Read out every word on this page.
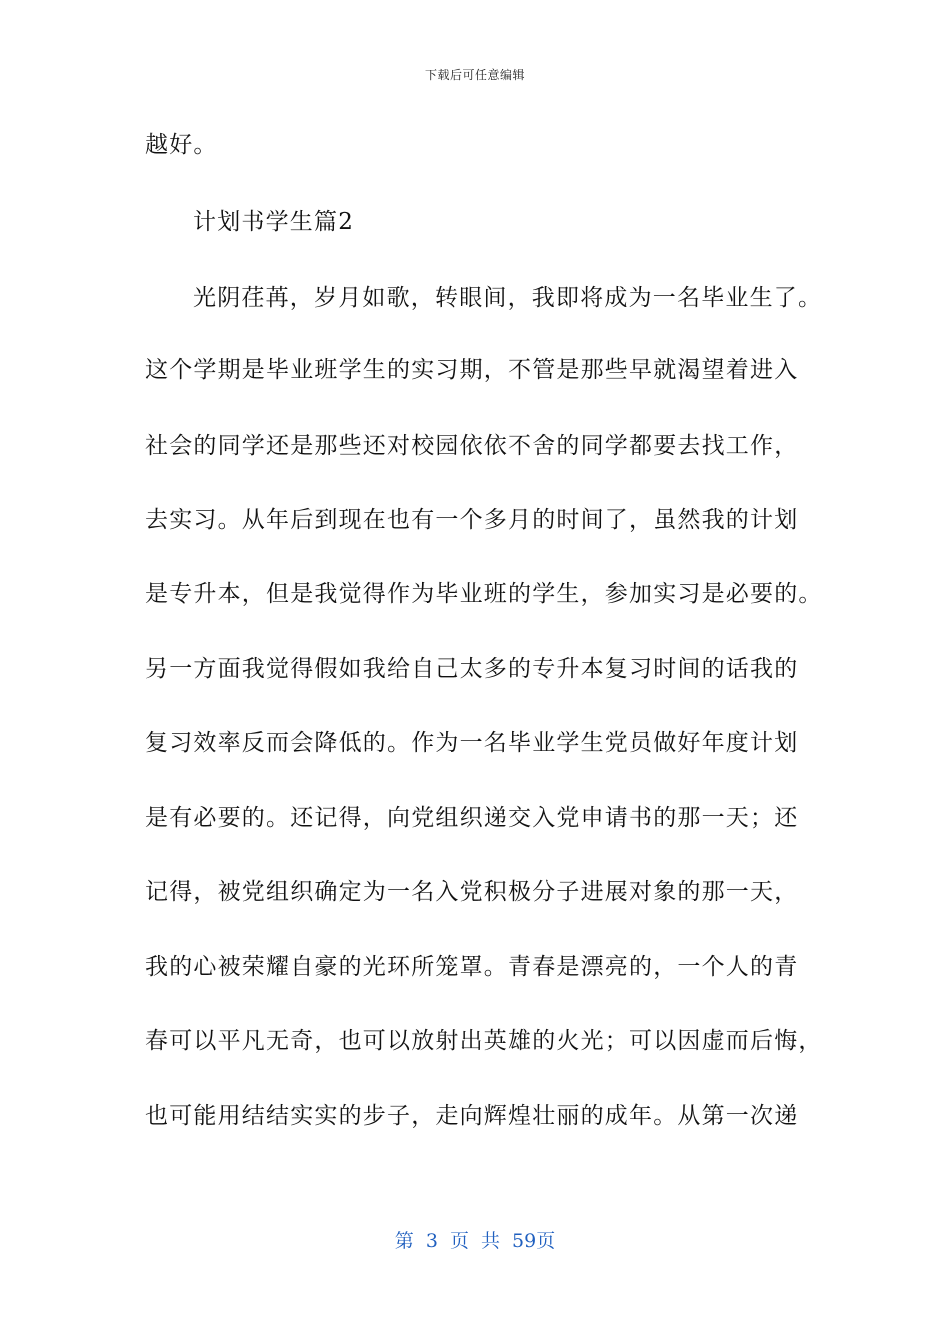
下载后可任意编辑
越好。
计划书学生篇2
光阴荏苒，岁月如歌，转眼间，我即将成为一名毕业生了。
这个学期是毕业班学生的实习期，不管是那些早就渴望着进入
社会的同学还是那些还对校园依依不舍的同学都要去找工作，
去实习。从年后到现在也有一个多月的时间了，虽然我的计划
是专升本，但是我觉得作为毕业班的学生，参加实习是必要的。
另一方面我觉得假如我给自己太多的专升本复习时间的话我的
复习效率反而会降低的。作为一名毕业学生党员做好年度计划
是有必要的。还记得，向党组织递交入党申请书的那一天；还
记得，被党组织确定为一名入党积极分子进展对象的那一天，
我的心被荣耀自豪的光环所笼罩。青春是漂亮的，一个人的青
春可以平凡无奇，也可以放射出英雄的火光；可以因虚而后悔，
也可能用结结实实的步子，走向辉煌壮丽的成年。从第一次递
第 3 页 共 59页
